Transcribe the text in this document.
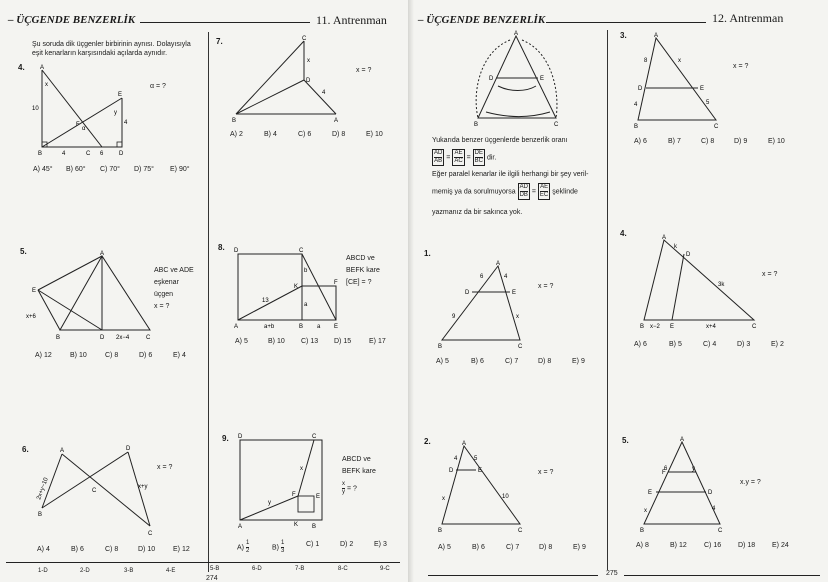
– ÜÇGENDE BENZERLİK	11. Antrenman
Şu soruda dik üçgenler birbirinin aynısı. Dolayısıyla
eşit kenarların karşısındaki açılarda aynıdır.
4.	A
B	C	D
E
F
x
y
α
10
4
4	6
α = ?
A) 45° B) 60° C) 70° D) 75° E) 90°
5.	A
B	C
D
E
x+6
2x−4
ABC ve ADE
eşkenar
üçgen
x = ?
A) 12	B) 10	C) 8	D) 6	E) 4
6.	A
B
C
D
C
2x+y−10	x+y
x = ?
A) 4	B) 6	C) 8	D) 10	E) 12
7.	C
B	A
D
x
4
x = ?
A) 2	B) 4	C) 6	D) 8	E) 10
8. D	C
A	B	E
F
K
13
a+b
a
a
b
ABCD ve
BEFK kare
[CE] = ?
A) 5	B) 10 C) 13 D) 15	E) 17
9. D	C
A	B
E
F
K
x
y
ABCD ve
BEFK kare
$\frac{x}{y}$ = ?
$A) \frac{1}{2}$	$B) \frac{1}{3}$	C) 1	D) 2	E) 3
1-D	2-D	3-B	4-E	5-B	6-D	7-B	8-C	9-C
274
– ÜÇGENDE BENZERLİK	12. Antrenman
A
B	C
D	E
Yukarıda benzer üçgenlerde benzerlik oranı
$\frac{AD}{AB} = \frac{AE}{AC} = \frac{DE}{BC}$ dir.
Eğer paralel kenarlar ile ilgili herhangi bir şey veril-
memiş ya da sorulmuyorsa $\frac{AD}{DB} = \frac{AE}{EC}$ şeklinde
yazmanız da bir sakınca yok.
1.
A
B	C
D	E
6	4
9	x
x = ?
A) 5	B) 6	C) 7	D) 8	E) 9
2.	A
B	C
D	E
4	5
x	10
x = ?
A) 5	B) 6	C) 7	D) 8	E) 9
3.	A
B	C
D	E
8	x
4	5
x = ?
A) 6	B) 7	C) 8	D) 9	E) 10
4.	A
B	C
D
E
k
3k
x−2	x+4
x = ?
A) 6	B) 5	C) 4	D) 3	E) 2
5.	A
B	C
F
E	D
6	y
x	4
x.y = ?
A) 8	B) 12 C) 16 D) 18 E) 24
275
